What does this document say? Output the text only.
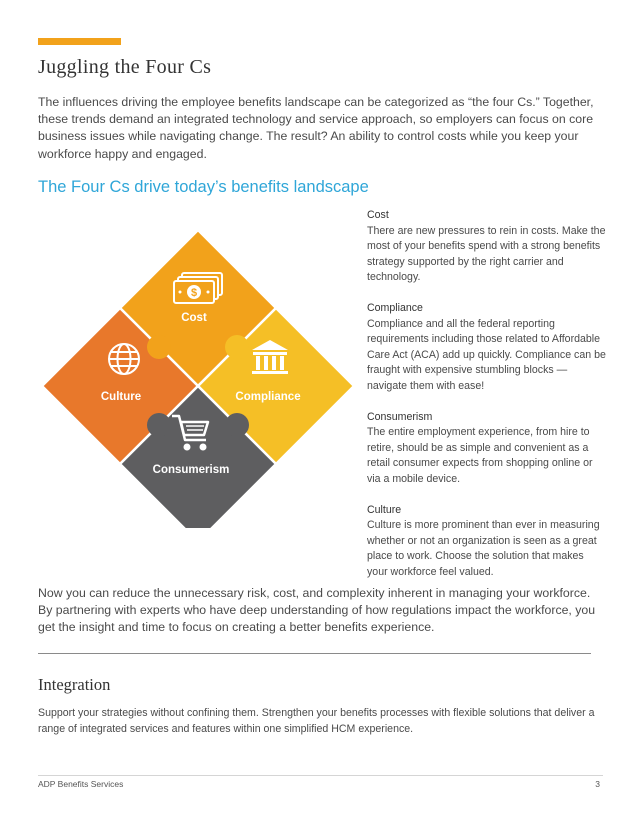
Juggling the Four Cs
The influences driving the employee benefits landscape can be categorized as “the four Cs.” Together, these trends demand an integrated technology and service approach, so employers can focus on core business issues while navigating change. The result? An ability to control costs while you keep your workforce happy and engaged.
The Four Cs drive today’s benefits landscape
$
Cost
Culture	Compliance
Consumerism
Cost
There are new pressures to rein in costs. Make the most of your benefits spend with a strong benefits strategy supported by the right carrier and technology.
Compliance
Compliance and all the federal reporting requirements including those related to Affordable Care Act (ACA) add up quickly. Compliance can be fraught with expensive stumbling blocks — navigate them with ease!
Consumerism
The entire employment experience, from hire to retire, should be as simple and convenient as a retail consumer expects from shopping online or via a mobile device.
Culture
Culture is more prominent than ever in measuring whether or not an organization is seen as a great place to work. Choose the solution that makes your workforce feel valued.
Now you can reduce the unnecessary risk, cost, and complexity inherent in managing your workforce. By partnering with experts who have deep understanding of how regulations impact the workforce, you get the insight and time to focus on creating a better benefits experience.
Integration
Support your strategies without confining them. Strengthen your benefits processes with flexible solutions that deliver a range of integrated services and features within one simplified HCM experience.
ADP Benefits Services	3
